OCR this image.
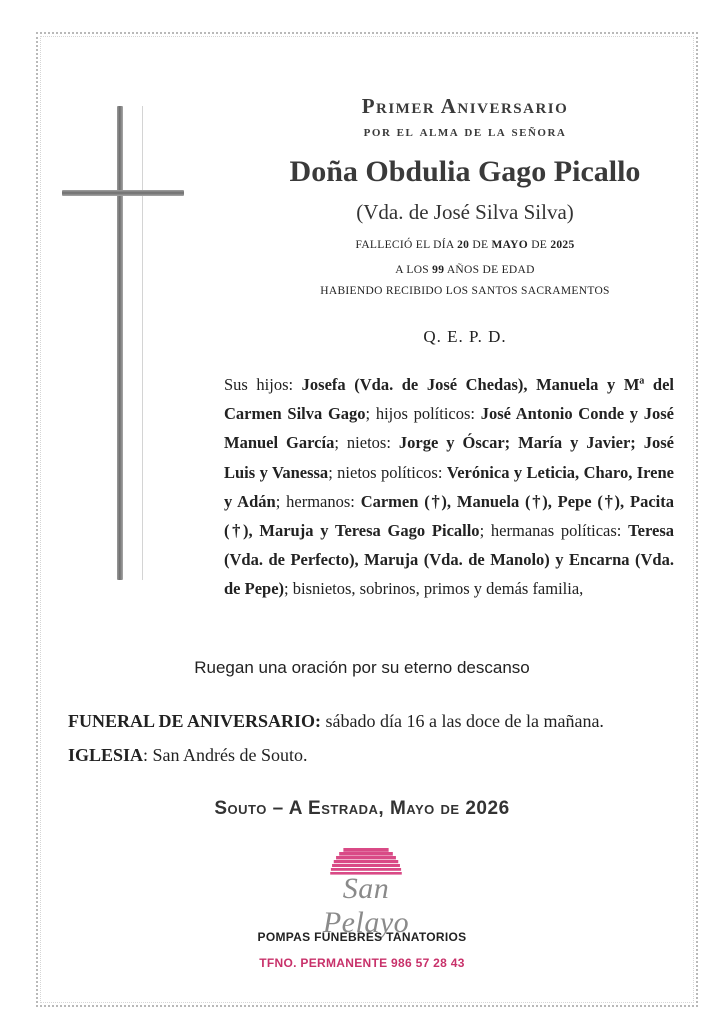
Primer Aniversario
por el alma de la señora
Doña Obdulia Gago Picallo
(Vda. de José Silva Silva)
FALLECIÓ EL DÍA 20 DE MAYO DE 2025
A LOS 99 AÑOS DE EDAD
HABIENDO RECIBIDO LOS SANTOS SACRAMENTOS
Q. E. P. D.
Sus hijos: Josefa (Vda. de José Chedas), Manuela y Mª del Carmen Silva Gago; hijos políticos: José Antonio Conde y José Manuel García; nietos: Jorge y Óscar; María y Javier; José Luis y Vanessa; nietos políticos: Verónica y Leticia, Charo, Irene y Adán; hermanos: Carmen (†), Manuela (†), Pepe (†), Pacita (†), Maruja y Teresa Gago Picallo; hermanas políticas: Teresa (Vda. de Perfecto), Maruja (Vda. de Manolo) y Encarna (Vda. de Pepe); bisnietos, sobrinos, primos y demás familia,
Ruegan una oración por su eterno descanso
FUNERAL DE ANIVERSARIO: sábado día 16 a las doce de la mañana.
IGLESIA: San Andrés de Souto.
Souto – A Estrada, Mayo de 2026
San Pelayo
POMPAS FUNEBRES TANATORIOS
TFNO. PERMANENTE 986 57 28 43
